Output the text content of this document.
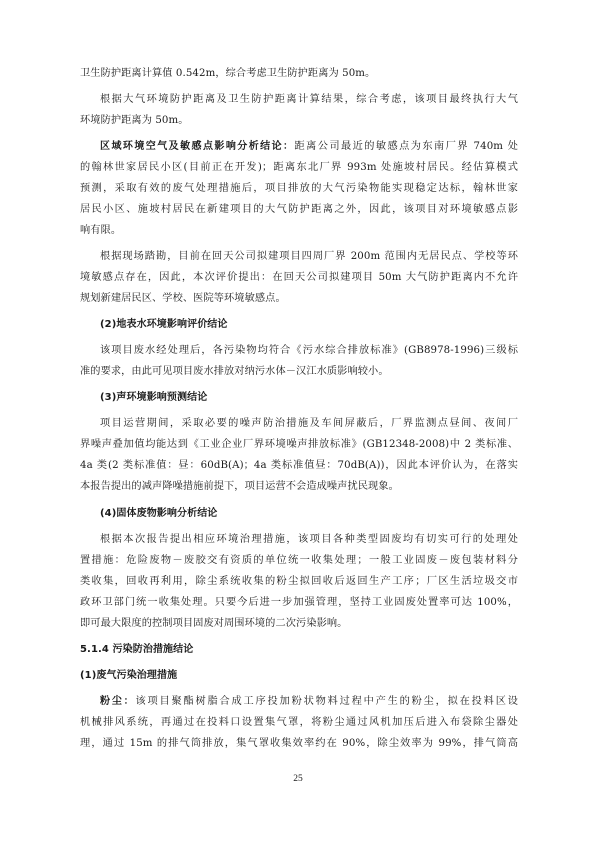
卫生防护距离计算值 0.542m，综合考虑卫生防护距离为 50m。
根据大气环境防护距离及卫生防护距离计算结果，综合考虑，该项目最终执行大气
环境防护距离为 50m。
区域环境空气及敏感点影响分析结论：距离公司最近的敏感点为东南厂界 740m 处
的翰林世家居民小区(目前正在开发)；距离东北厂界 993m 处施坡村居民。经估算模式
预测，采取有效的废气处理措施后，项目排放的大气污染物能实现稳定达标，翰林世家
居民小区、施坡村居民在新建项目的大气防护距离之外，因此，该项目对环境敏感点影
响有限。
根据现场踏勘，目前在回天公司拟建项目四周厂界 200m 范围内无居民点、学校等环
境敏感点存在，因此，本次评价提出：在回天公司拟建项目 50m 大气防护距离内不允许
规划新建居民区、学校、医院等环境敏感点。
(2)地表水环境影响评价结论
该项目废水经处理后，各污染物均符合《污水综合排放标准》(GB8978-1996)三级标
准的要求，由此可见项目废水排放对纳污水体－汉江水质影响较小。
(3)声环境影响预测结论
项目运营期间，采取必要的噪声防治措施及车间屏蔽后，厂界监测点昼间、夜间厂
界噪声叠加值均能达到《工业企业厂界环境噪声排放标准》(GB12348-2008)中 2 类标准、
4a 类(2 类标准值：昼：60dB(A)；4a 类标准值昼：70dB(A))，因此本评价认为，在落实
本报告提出的减声降噪措施前提下，项目运营不会造成噪声扰民现象。
(4)固体废物影响分析结论
根据本次报告提出相应环境治理措施，该项目各种类型固废均有切实可行的处理处
置措施：危险废物－废胶交有资质的单位统一收集处理；一般工业固废－废包装材料分
类收集，回收再利用，除尘系统收集的粉尘拟回收后返回生产工序；厂区生活垃圾交市
政环卫部门统一收集处理。只要今后进一步加强管理，坚持工业固废处置率可达 100%，
即可最大限度的控制项目固废对周围环境的二次污染影响。
5.1.4 污染防治措施结论
(1)废气污染治理措施
粉尘：该项目聚酯树脂合成工序投加粉状物料过程中产生的粉尘，拟在投料区设
机械排风系统，再通过在投料口设置集气罩，将粉尘通过风机加压后进入布袋除尘器处
理，通过 15m 的排气筒排放，集气罩收集效率约在 90%，除尘效率为 99%，排气筒高
25
